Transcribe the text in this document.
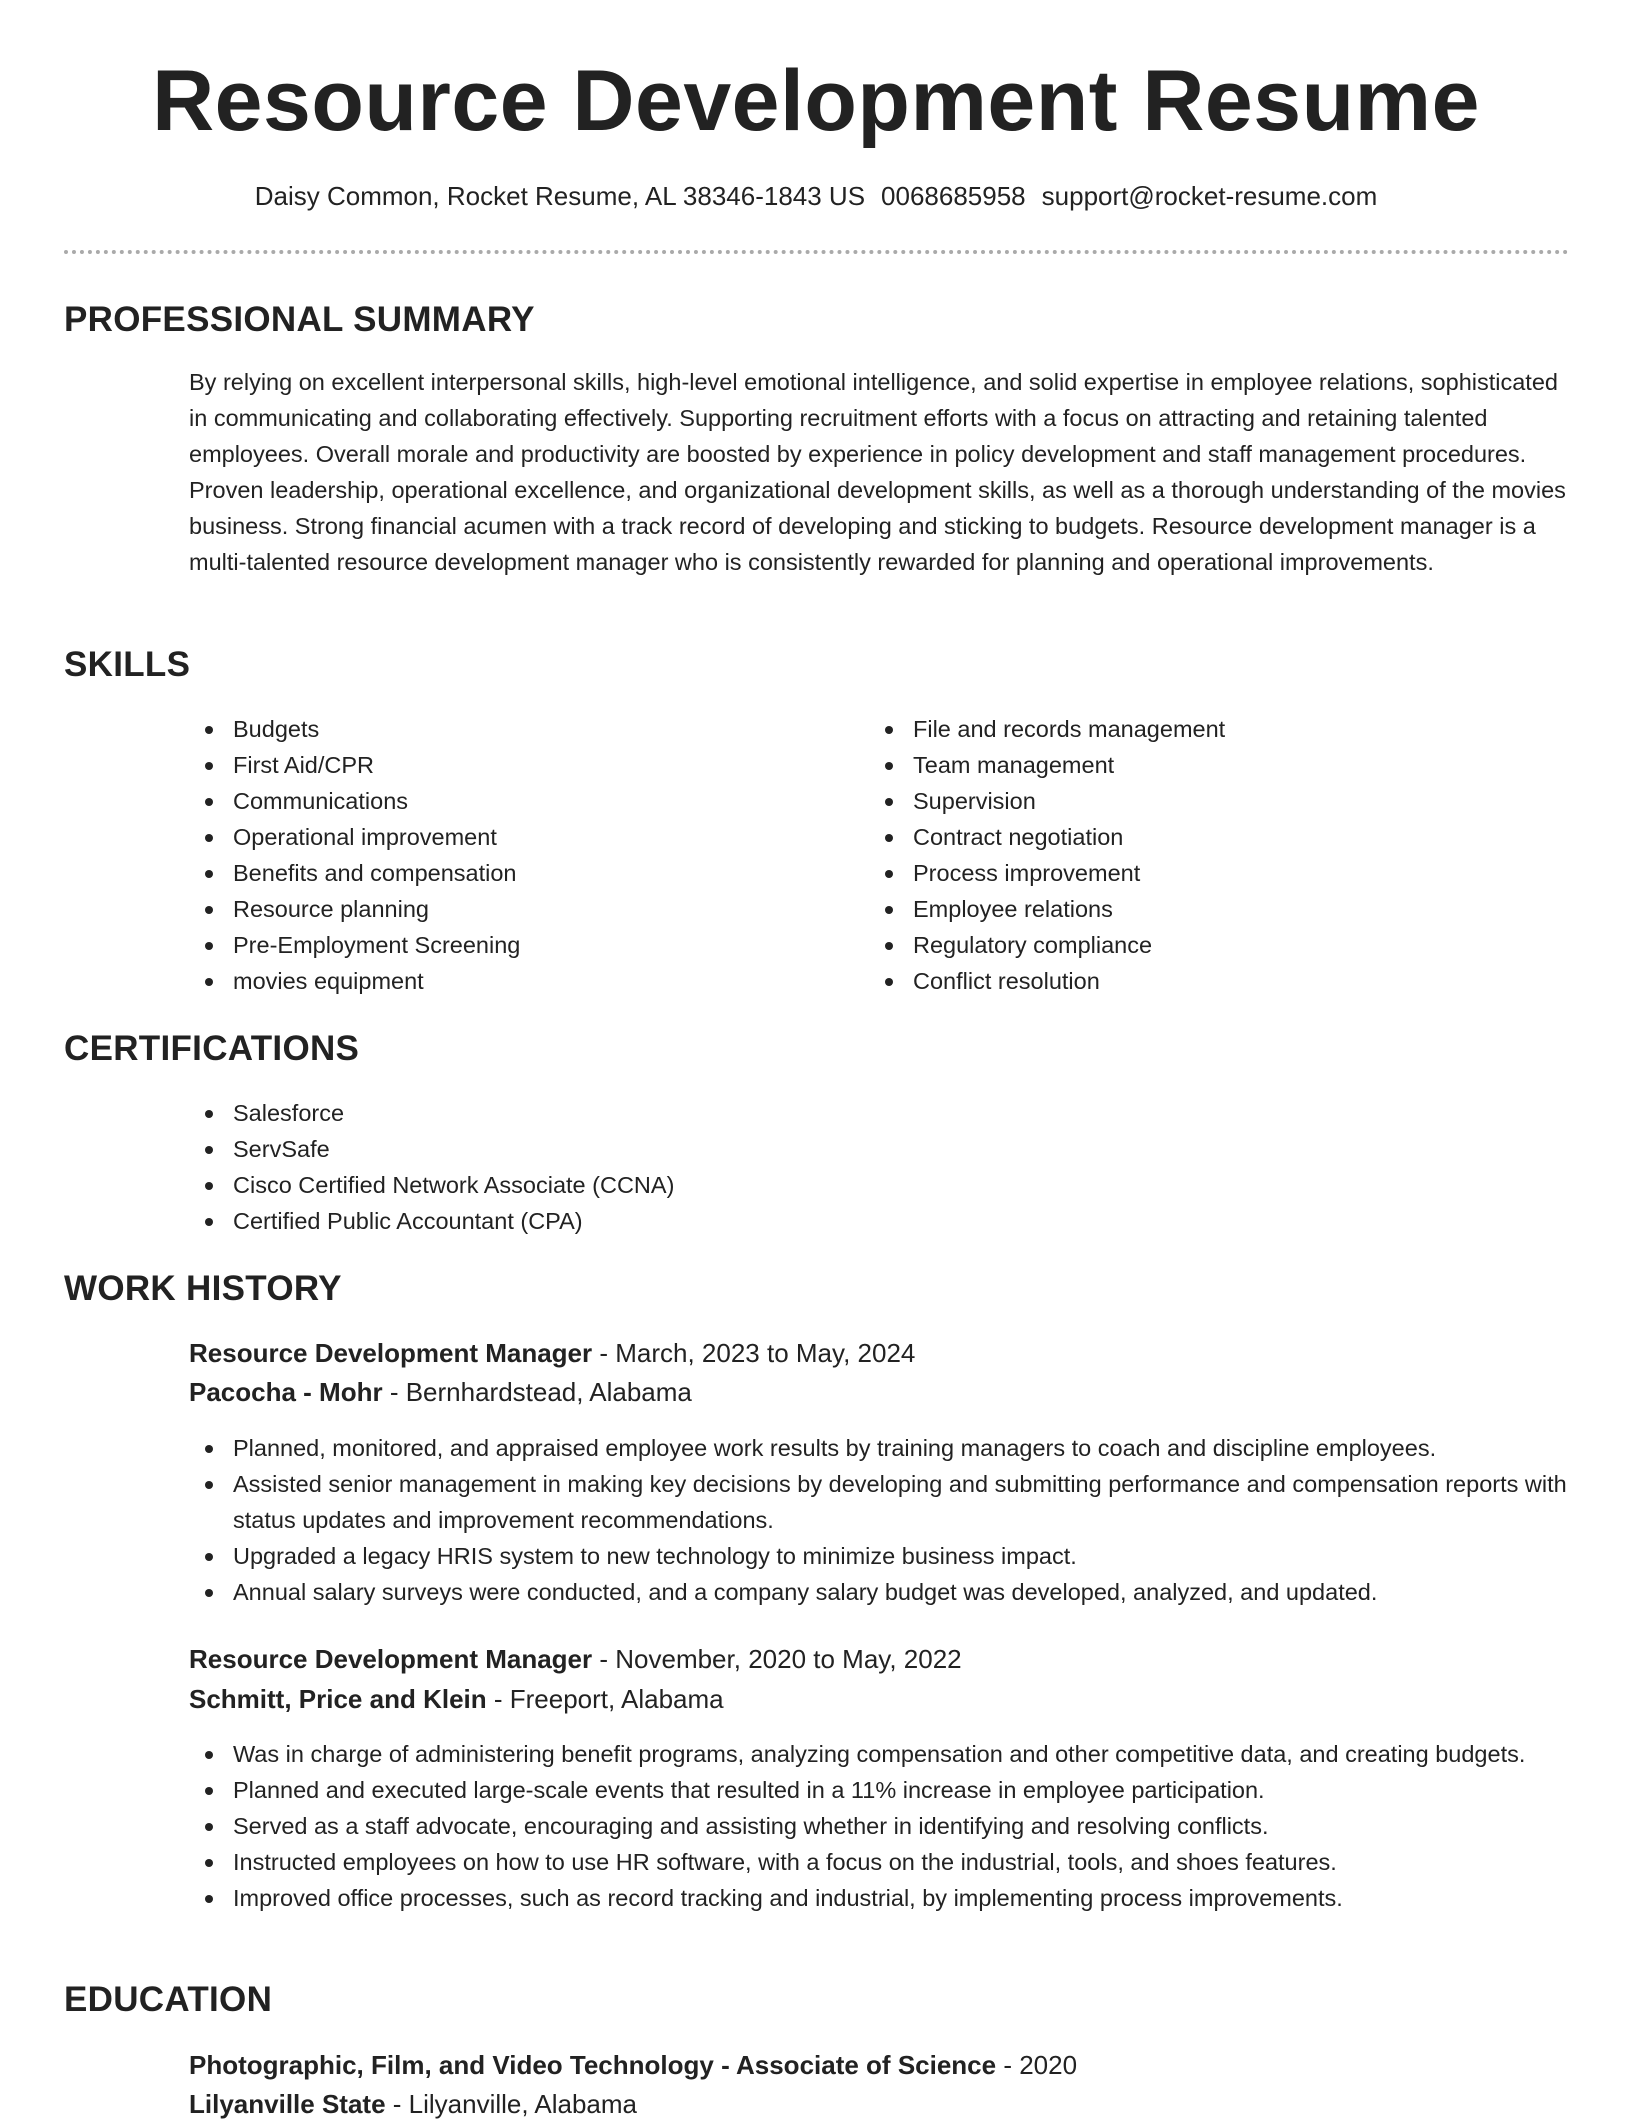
Resource Development Resume
Daisy Common, Rocket Resume, AL 38346-1843 US 0068685958 support@rocket-resume.com
PROFESSIONAL SUMMARY

By relying on excellent interpersonal skills, high-level emotional intelligence, and solid expertise in employee relations, sophisticated in communicating and collaborating effectively. Supporting recruitment efforts with a focus on attracting and retaining talented employees. Overall morale and productivity are boosted by experience in policy development and staff management procedures. Proven leadership, operational excellence, and organizational development skills, as well as a thorough understanding of the movies business. Strong financial acumen with a track record of developing and sticking to budgets. Resource development manager is a multi-talented resource development manager who is consistently rewarded for planning and operational improvements.

SKILLS
Budgets
First Aid/CPR
Communications
Operational improvement
Benefits and compensation
Resource planning
Pre-Employment Screening
movies equipment
File and records management
Team management
Supervision
Contract negotiation
Process improvement
Employee relations
Regulatory compliance
Conflict resolution
CERTIFICATIONS
Salesforce
ServSafe
Cisco Certified Network Associate (CCNA)
Certified Public Accountant (CPA)
WORK HISTORY
Resource Development Manager - March, 2023 to May, 2024
Pacocha - Mohr - Bernhardstead, Alabama
Planned, monitored, and appraised employee work results by training managers to coach and discipline employees.
Assisted senior management in making key decisions by developing and submitting performance and compensation reports with status updates and improvement recommendations.
Upgraded a legacy HRIS system to new technology to minimize business impact.
Annual salary surveys were conducted, and a company salary budget was developed, analyzed, and updated.
Resource Development Manager - November, 2020 to May, 2022
Schmitt, Price and Klein - Freeport, Alabama
Was in charge of administering benefit programs, analyzing compensation and other competitive data, and creating budgets.
Planned and executed large-scale events that resulted in a 11% increase in employee participation.
Served as a staff advocate, encouraging and assisting whether in identifying and resolving conflicts.
Instructed employees on how to use HR software, with a focus on the industrial, tools, and shoes features.
Improved office processes, such as record tracking and industrial, by implementing process improvements.
EDUCATION
Photographic, Film, and Video Technology - Associate of Science - 2020
Lilyanville State - Lilyanville, Alabama
